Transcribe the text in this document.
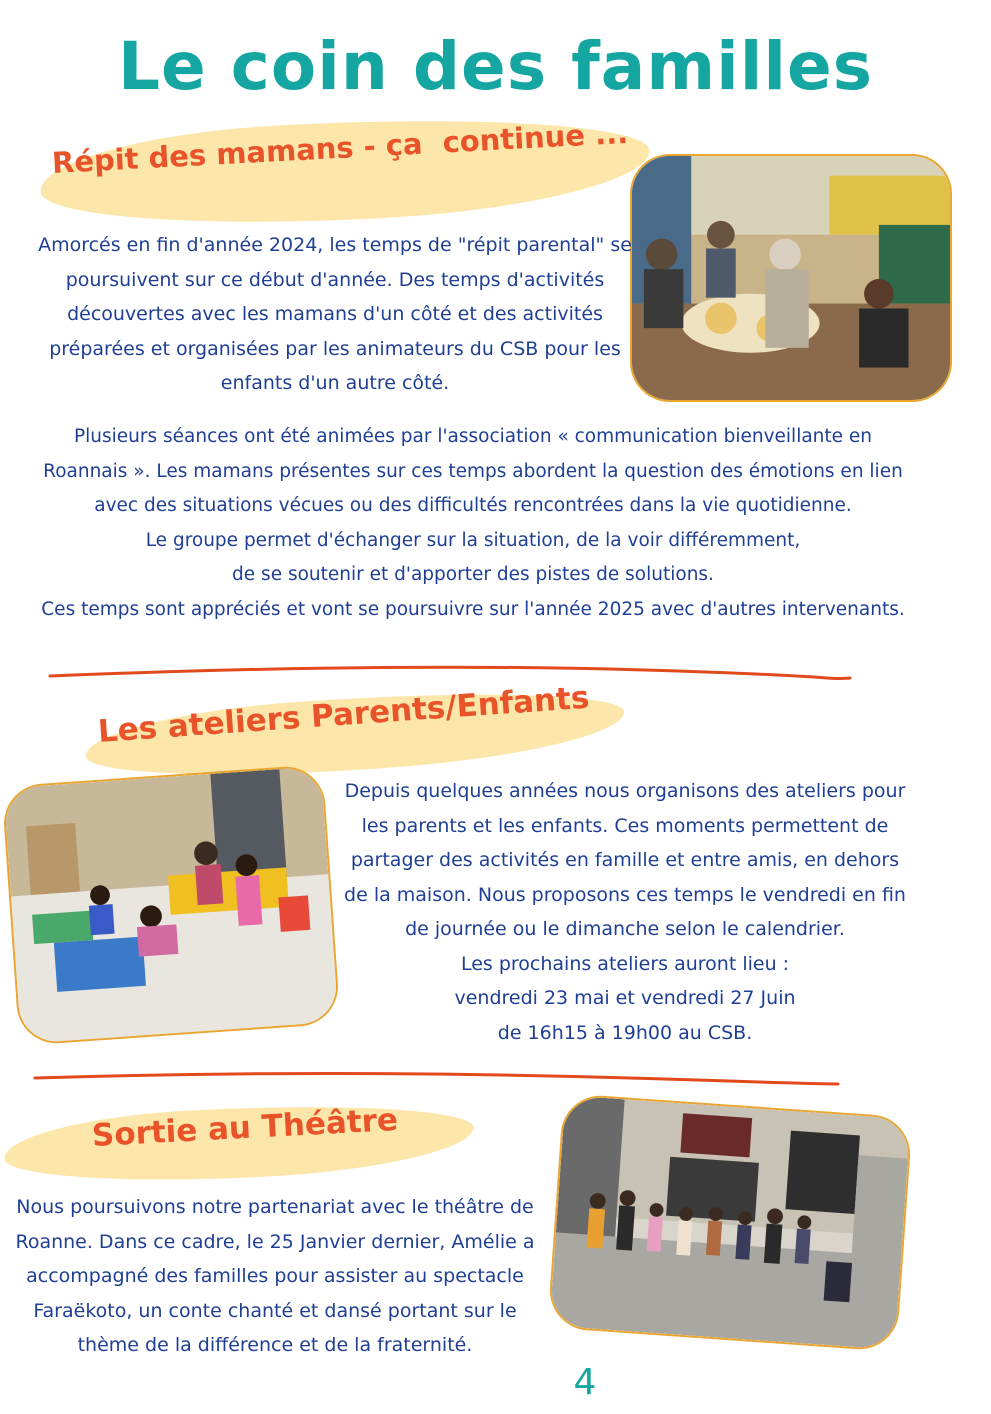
Le coin des familles
Répit des mamans - ça  continue ...
Amorcés en fin d'année 2024, les temps de "répit parental" se
poursuivent sur ce début d'année. Des temps d'activités
découvertes avec les mamans d'un côté et des activités
préparées et organisées par les animateurs du CSB pour les
enfants d'un autre côté.
Plusieurs séances ont été animées par l'association « communication bienveillante en
Roannais ». Les mamans présentes sur ces temps abordent la question des émotions en lien
avec des situations vécues ou des difficultés rencontrées dans la vie quotidienne.
Le groupe permet d'échanger sur la situation, de la voir différemment,
de se soutenir et d'apporter des pistes de solutions.
Ces temps sont appréciés et vont se poursuivre sur l'année 2025 avec d'autres intervenants.
Les ateliers Parents/Enfants
Depuis quelques années nous organisons des ateliers pour
les parents et les enfants. Ces moments permettent de
partager des activités en famille et entre amis, en dehors
de la maison. Nous proposons ces temps le vendredi en fin
de journée ou le dimanche selon le calendrier.
Les prochains ateliers auront lieu :
vendredi 23 mai et vendredi 27 Juin
de 16h15 à 19h00 au CSB.
Sortie au Théâtre
Nous poursuivons notre partenariat avec le théâtre de
Roanne. Dans ce cadre, le 25 Janvier dernier, Amélie a
accompagné des familles pour assister au spectacle
Faraëkoto, un conte chanté et dansé portant sur le
thème de la différence et de la fraternité.
4
